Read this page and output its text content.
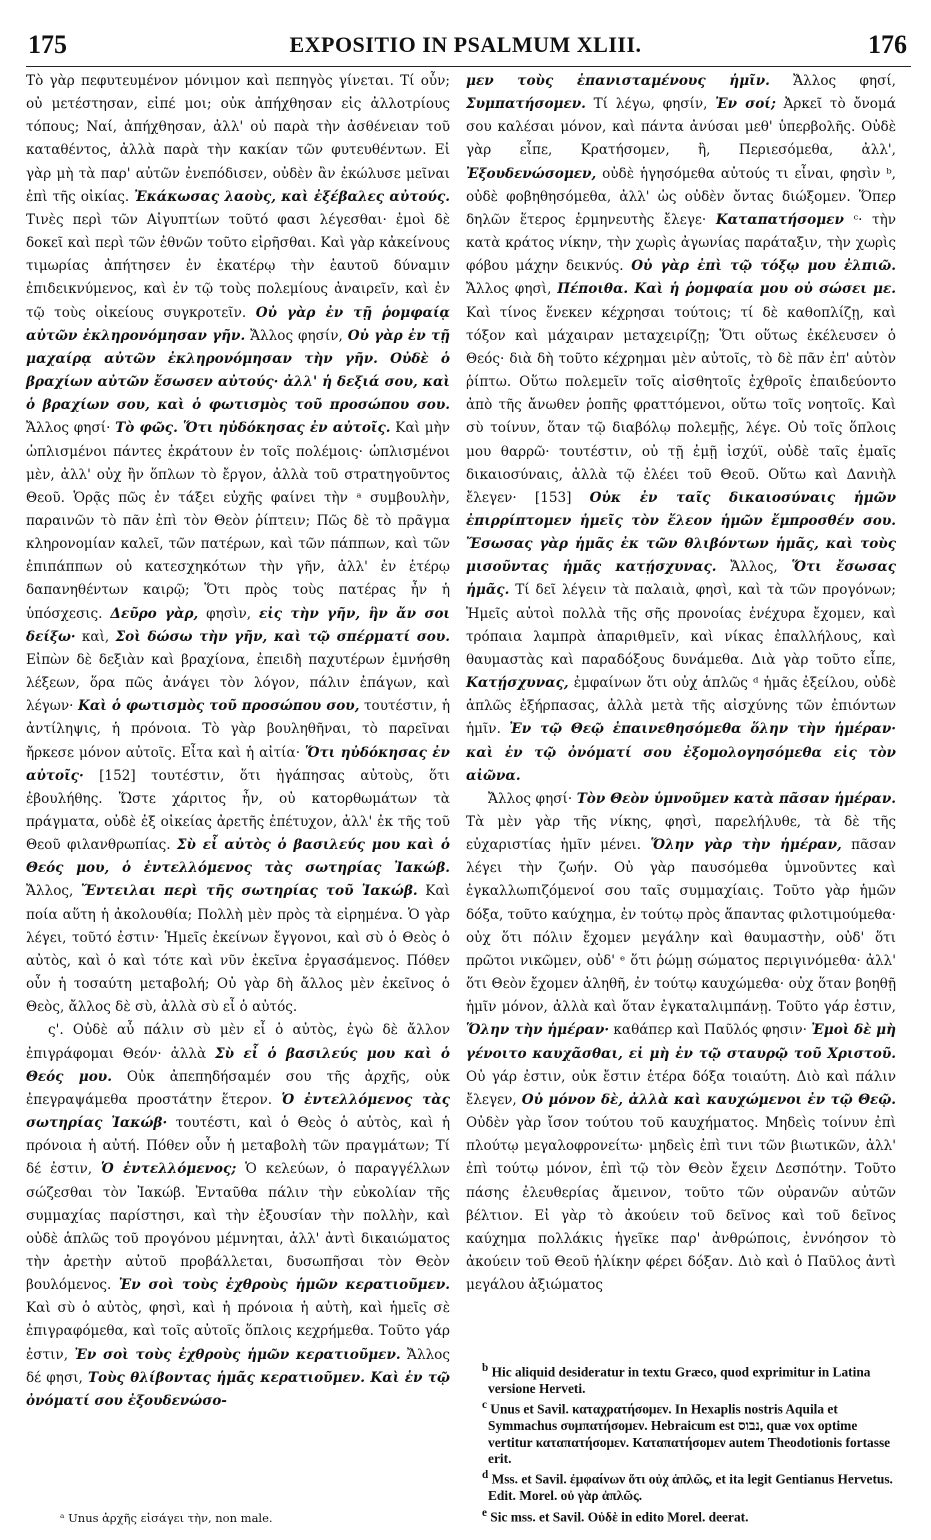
175	EXPOSITIO IN PSALMUM XLIII.	176

Τὸ γὰρ πεφυτευμένον μόνιμον καὶ πεπηγὸς γίνεται. Τί οὖν; οὐ μετέστησαν, εἰπέ μοι; οὐκ ἀπήχθησαν εἰς ἀλλοτρίους τόπους; Ναί, ἀπήχθησαν, ἀλλ' οὐ παρὰ τὴν ἀσθένειαν τοῦ καταθέντος, ἀλλὰ παρὰ τὴν κακίαν τῶν φυτευθέντων. Εἰ γὰρ μὴ τὰ παρ' αὐτῶν ἐνεπόδισεν, οὐδὲν ἂν ἐκώλυσε μεῖναι ἐπὶ τῆς οἰκίας. Ἐκάκωσας λαοὺς, καὶ ἐξέβαλες αὐτούς. Τινὲς περὶ τῶν Αἰγυπτίων τοῦτό φασι λέγεσθαι· ἐμοὶ δὲ δοκεῖ καὶ περὶ τῶν ἐθνῶν τοῦτο εἰρῆσθαι. Καὶ γὰρ κἀκείνους τιμωρίας ἀπήτησεν ἐν ἑκατέρῳ τὴν ἑαυτοῦ δύναμιν ἐπιδεικνύμενος, καὶ ἐν τῷ τοὺς πολεμίους ἀναιρεῖν, καὶ ἐν τῷ τοὺς οἰκείους συγκροτεῖν. Οὐ γὰρ ἐν τῇ ῥομφαίᾳ αὐτῶν ἐκληρονόμησαν γῆν. Ἄλλος φησίν, Οὐ γὰρ ἐν τῇ μαχαίρᾳ αὐτῶν ἐκληρονόμησαν τὴν γῆν. Οὐδὲ ὁ βραχίων αὐτῶν ἔσωσεν αὐτούς· ἀλλ' ἡ δεξιά σου, καὶ ὁ βραχίων σου, καὶ ὁ φωτισμὸς τοῦ προσώπου σου. Ἄλλος φησί· Τὸ φῶς. Ὅτι ηὐδόκησας ἐν αὐτοῖς. Καὶ μὴν ὡπλισμένοι πάντες ἐκράτουν ἐν τοῖς πολέμοις· ὡπλισμένοι μὲν, ἀλλ' οὐχ ἢν ὅπλων τὸ ἔργον, ἀλλὰ τοῦ στρατηγοῦντος Θεοῦ. Ὁρᾷς πῶς ἐν τάξει εὐχῆς φαίνει τὴν ᵃ συμβουλὴν, παραινῶν τὸ πᾶν ἐπὶ τὸν Θεὸν ῥίπτειν; Πῶς δὲ τὸ πρᾶγμα κληρονομίαν καλεῖ, τῶν πατέρων, καὶ τῶν πάππων, καὶ τῶν ἐπιπάππων οὐ κατεσχηκότων τὴν γῆν, ἀλλ' ἐν ἑτέρῳ δαπανηθέντων καιρῷ; Ὅτι πρὸς τοὺς πατέρας ἦν ἡ ὑπόσχεσις. Δεῦρο γὰρ, φησὶν, εἰς τὴν γῆν, ἣν ἄν σοι δείξω· καὶ, Σοὶ δώσω τὴν γῆν, καὶ τῷ σπέρματί σου. Εἰπὼν δὲ δεξιὰν καὶ βραχίονα, ἐπειδὴ παχυτέρων ἐμνήσθη λέξεων, ὅρα πῶς ἀνάγει τὸν λόγον, πάλιν ἐπάγων, καὶ λέγων· Καὶ ὁ φωτισμὸς τοῦ προσώπου σου, τουτέστιν, ἡ ἀντίληψις, ἡ πρόνοια. Τὸ γὰρ βουληθῆναι, τὸ παρεῖναι ἤρκεσε μόνον αὐτοῖς. Εἶτα καὶ ἡ αἰτία· Ὅτι ηὐδόκησας ἐν αὐτοῖς· [152] τουτέστιν, ὅτι ἠγάπησας αὐτοὺς, ὅτι ἐβουλήθης. Ὥστε χάριτος ἦν, οὐ κατορθωμάτων τὰ πράγματα, οὐδὲ ἐξ οἰκείας ἀρετῆς ἐπέτυχον, ἀλλ' ἐκ τῆς τοῦ Θεοῦ φιλανθρωπίας. Σὺ εἶ αὐτὸς ὁ βασιλεύς μου καὶ ὁ Θεός μου, ὁ ἐντελλόμενος τὰς σωτηρίας Ἰακώβ. Ἄλλος, Ἔντειλαι περὶ τῆς σωτηρίας τοῦ Ἰακώβ. Καὶ ποία αὕτη ἡ ἀκολουθία; Πολλὴ μὲν πρὸς τὰ εἰρημένα. Ὁ γὰρ λέγει, τοῦτό ἐστιν· Ἡμεῖς ἐκείνων ἔγγονοι, καὶ σὺ ὁ Θεὸς ὁ αὐτὸς, καὶ ὁ καὶ τότε καὶ νῦν ἐκεῖνα ἐργασάμενος. Πόθεν οὖν ἡ τοσαύτη μεταβολή; Οὐ γὰρ δὴ ἄλλος μὲν ἐκεῖνος ὁ Θεὸς, ἄλλος δὲ σὺ, ἀλλὰ σὺ εἶ ὁ αὐτός.

ς'. Οὐδὲ αὖ πάλιν σὺ μὲν εἶ ὁ αὐτὸς, ἐγὼ δὲ ἄλλον ἐπιγράφομαι Θεόν· ἀλλὰ Σὺ εἶ ὁ βασιλεύς μου καὶ ὁ Θεός μου. Οὐκ ἀπεπηδήσαμέν σου τῆς ἀρχῆς, οὐκ ἐπεγραψάμεθα προστάτην ἕτερον. Ὁ ἐντελλόμενος τὰς σωτηρίας Ἰακώβ· τουτέστι, καὶ ὁ Θεὸς ὁ αὐτὸς, καὶ ἡ πρόνοια ἡ αὐτή. Πόθεν οὖν ἡ μεταβολὴ τῶν πραγμάτων; Τί δέ ἐστιν, Ὁ ἐντελλόμενος; Ὁ κελεύων, ὁ παραγγέλλων σώζεσθαι τὸν Ἰακώβ. Ἐνταῦθα πάλιν τὴν εὐκολίαν τῆς συμμαχίας παρίστησι, καὶ τὴν ἐξουσίαν τὴν πολλὴν, καὶ οὐδὲ ἁπλῶς τοῦ προγόνου μέμνηται, ἀλλ' ἀντὶ δικαιώματος τὴν ἀρετὴν αὐτοῦ προβάλλεται, δυσωπῆσαι τὸν Θεὸν βουλόμενος. Ἐν σοὶ τοὺς ἐχθροὺς ἡμῶν κερατιοῦμεν. Καὶ σὺ ὁ αὐτὸς, φησὶ, καὶ ἡ πρόνοια ἡ αὐτὴ, καὶ ἡμεῖς σὲ ἐπιγραφόμεθα, καὶ τοῖς αὐτοῖς ὅπλοις κεχρήμεθα. Τοῦτο γάρ ἐστιν, Ἐν σοὶ τοὺς ἐχθροὺς ἡμῶν κερατιοῦμεν. Ἄλλος δέ φησι, Τοὺς θλίβοντας ἡμᾶς κερατιοῦμεν. Καὶ ἐν τῷ ὀνόματί σου ἐξουδενώσο-

μεν τοὺς ἐπανισταμένους ἡμῖν. Ἄλλος φησί, Συμπατήσομεν. Τί λέγω, φησίν, Ἐν σοί; Ἀρκεῖ τὸ ὄνομά σου καλέσαι μόνον, καὶ πάντα ἀνύσαι μεθ' ὑπερβολῆς. Οὐδὲ γὰρ εἶπε, Κρατήσομεν, ἢ, Περιεσόμεθα, ἀλλ', Ἐξουδενώσομεν, οὐδὲ ἡγησόμεθα αὐτούς τι εἶναι, φησὶν ᵇ, οὐδὲ φοβηθησόμεθα, ἀλλ' ὡς οὐδὲν ὄντας διώξομεν. Ὅπερ δηλῶν ἕτερος ἑρμηνευτὴς ἔλεγε· Καταπατήσομεν ᶜ· τὴν κατὰ κράτος νίκην, τὴν χωρὶς ἀγωνίας παράταξιν, τὴν χωρὶς φόβου μάχην δεικνύς. Οὐ γὰρ ἐπὶ τῷ τόξῳ μου ἐλπιῶ. Ἄλλος φησὶ, Πέποιθα. Καὶ ἡ ῥομφαία μου οὐ σώσει με. Καὶ τίνος ἕνεκεν κέχρησαι τούτοις; τί δὲ καθοπλίζῃ, καὶ τόξον καὶ μάχαιραν μεταχειρίζῃ; Ὅτι οὕτως ἐκέλευσεν ὁ Θεός· διὰ δὴ τοῦτο κέχρημαι μὲν αὐτοῖς, τὸ δὲ πᾶν ἐπ' αὐτὸν ῥίπτω. Οὕτω πολεμεῖν τοῖς αἰσθητοῖς ἐχθροῖς ἐπαιδεύοντο ἀπὸ τῆς ἄνωθεν ῥοπῆς φραττόμενοι, οὕτω τοῖς νοητοῖς. Καὶ σὺ τοίνυν, ὅταν τῷ διαβόλῳ πολεμῇς, λέγε. Οὐ τοῖς ὅπλοις μου θαρρῶ· τουτέστιν, οὐ τῇ ἐμῇ ἰσχύϊ, οὐδὲ ταῖς ἐμαῖς δικαιοσύναις, ἀλλὰ τῷ ἐλέει τοῦ Θεοῦ. Οὕτω καὶ Δανιὴλ ἔλεγεν· [153] Οὐκ ἐν ταῖς δικαιοσύναις ἡμῶν ἐπιρρίπτομεν ἡμεῖς τὸν ἔλεον ἡμῶν ἔμπροσθέν σου. Ἔσωσας γὰρ ἡμᾶς ἐκ τῶν θλιβόντων ἡμᾶς, καὶ τοὺς μισοῦντας ἡμᾶς κατῄσχυνας. Ἄλλος, Ὅτι ἔσωσας ἡμᾶς. Τί δεῖ λέγειν τὰ παλαιὰ, φησὶ, καὶ τὰ τῶν προγόνων; Ἡμεῖς αὐτοὶ πολλὰ τῆς σῆς προνοίας ἐνέχυρα ἔχομεν, καὶ τρόπαια λαμπρὰ ἀπαριθμεῖν, καὶ νίκας ἐπαλλήλους, καὶ θαυμαστὰς καὶ παραδόξους δυνάμεθα. Διὰ γὰρ τοῦτο εἶπε, Κατῄσχυνας, ἐμφαίνων ὅτι οὐχ ἁπλῶς ᵈ ἡμᾶς ἐξείλου, οὐδὲ ἁπλῶς ἐξήρπασας, ἀλλὰ μετὰ τῆς αἰσχύνης τῶν ἐπιόντων ἡμῖν. Ἐν τῷ Θεῷ ἐπαινεθησόμεθα ὅλην τὴν ἡμέραν· καὶ ἐν τῷ ὀνόματί σου ἐξομολογησόμεθα εἰς τὸν αἰῶνα.

Ἄλλος φησί· Τὸν Θεὸν ὑμνοῦμεν κατὰ πᾶσαν ἡμέραν. Τὰ μὲν γὰρ τῆς νίκης, φησὶ, παρελήλυθε, τὰ δὲ τῆς εὐχαριστίας ἡμῖν μένει. Ὅλην γὰρ τὴν ἡμέραν, πᾶσαν λέγει τὴν ζωήν. Οὐ γὰρ παυσόμεθα ὑμνοῦντες καὶ ἐγκαλλωπιζόμενοί σου ταῖς συμμαχίαις. Τοῦτο γὰρ ἡμῶν δόξα, τοῦτο καύχημα, ἐν τούτῳ πρὸς ἅπαντας φιλοτιμούμεθα· οὐχ ὅτι πόλιν ἔχομεν μεγάλην καὶ θαυμαστὴν, οὐδ' ὅτι πρῶτοι νικῶμεν, οὐδ' ᵉ ὅτι ῥώμῃ σώματος περιγινόμεθα· ἀλλ' ὅτι Θεὸν ἔχομεν ἀληθῆ, ἐν τούτῳ καυχώμεθα· οὐχ ὅταν βοηθῇ ἡμῖν μόνον, ἀλλὰ καὶ ὅταν ἐγκαταλιμπάνῃ. Τοῦτο γάρ ἐστιν, Ὅλην τὴν ἡμέραν· καθάπερ καὶ Παῦλός φησιν· Ἐμοὶ δὲ μὴ γένοιτο καυχᾶσθαι, εἰ μὴ ἐν τῷ σταυρῷ τοῦ Χριστοῦ. Οὐ γάρ ἐστιν, οὐκ ἔστιν ἑτέρα δόξα τοιαύτη. Διὸ καὶ πάλιν ἔλεγεν, Οὐ μόνον δὲ, ἀλλὰ καὶ καυχώμενοι ἐν τῷ Θεῷ. Οὐδὲν γὰρ ἴσον τούτου τοῦ καυχήματος. Μηδεὶς τοίνυν ἐπὶ πλούτῳ μεγαλοφρονείτω· μηδεὶς ἐπὶ τινι τῶν βιωτικῶν, ἀλλ' ἐπὶ τούτῳ μόνον, ἐπὶ τῷ τὸν Θεὸν ἔχειν Δεσπότην. Τοῦτο πάσης ἐλευθερίας ἄμεινον, τοῦτο τῶν οὐρανῶν αὐτῶν βέλτιον. Εἰ γὰρ τὸ ἀκούειν τοῦ δεῖνος καὶ τοῦ δεῖνος καύχημα πολλάκις ἡγεῖκε παρ' ἀνθρώποις, ἐννόησον τὸ ἀκούειν τοῦ Θεοῦ ἡλίκην φέρει δόξαν. Διὸ καὶ ὁ Παῦλος ἀντὶ μεγάλου ἀξιώματος

ᵃ Unus ἀρχῆς εἰσάγει τὴν, non male.

$^b$ Hic aliquid desideratur in textu Græco, quod exprimitur in Latina versione Herveti.

$^c$ Unus et Savil. καταχρατήσομεν. In Hexaplis nostris Aquila et Symmachus συμπατήσομεν. Hebraicum est נבוס, quæ vox optime vertitur καταπατήσομεν. Καταπατήσομεν autem Theodotionis fortasse erit.

$^d$ Mss. et Savil. ἐμφαίνων ὅτι οὐχ ἁπλῶς, et ita legit Gentianus Hervetus. Edit. Morel. οὐ γὰρ ἁπλῶς.

$^e$ Sic mss. et Savil. Οὐδὲ in edito Morel. deerat.
